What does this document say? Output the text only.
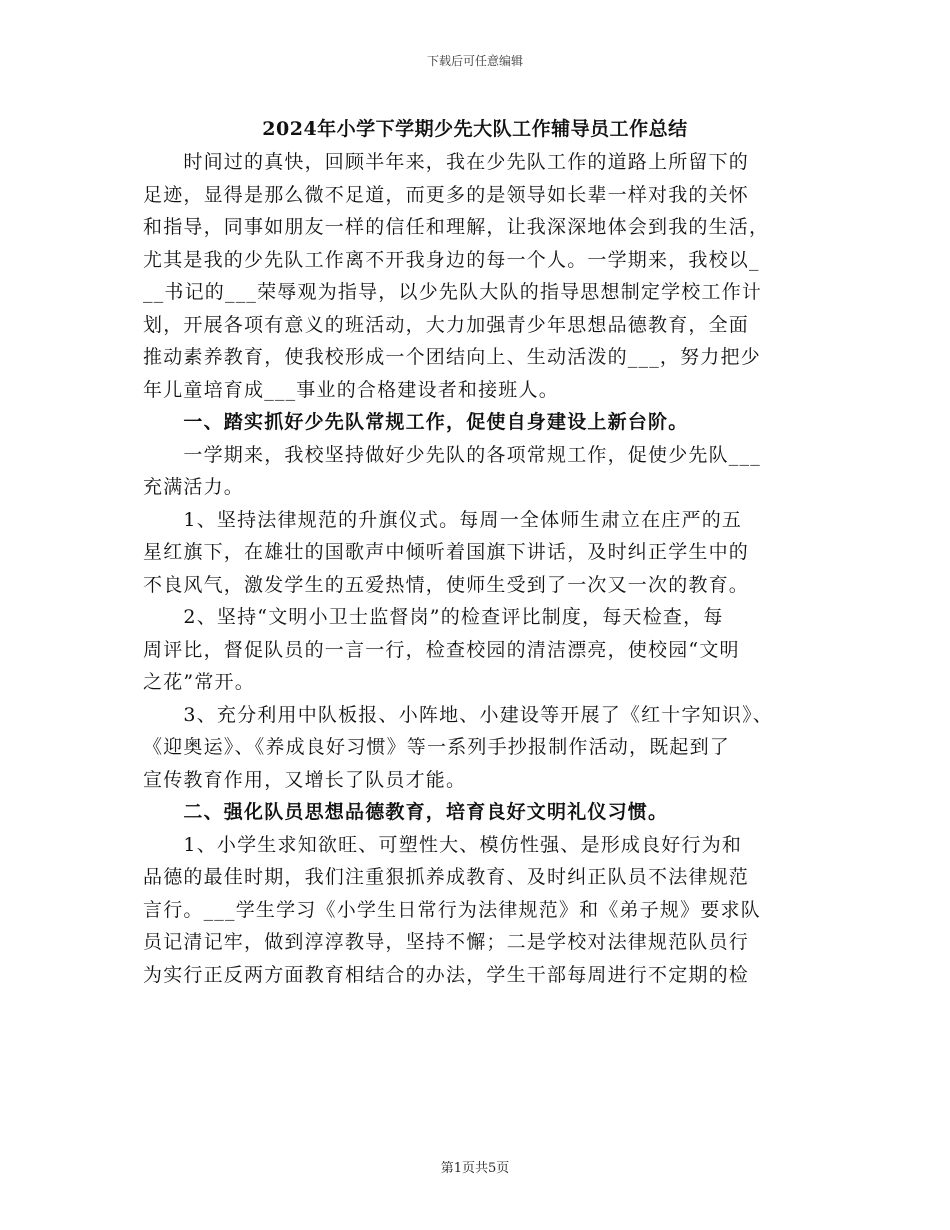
下载后可任意编辑
2024年小学下学期少先大队工作辅导员工作总结
　　时间过的真快，回顾半年来，我在少先队工作的道路上所留下的
足迹，显得是那么微不足道，而更多的是领导如长辈一样对我的关怀
和指导，同事如朋友一样的信任和理解，让我深深地体会到我的生活，
尤其是我的少先队工作离不开我身边的每一个人。一学期来，我校以_
__书记的___荣辱观为指导，以少先队大队的指导思想制定学校工作计
划，开展各项有意义的班活动，大力加强青少年思想品德教育，全面
推动素养教育，使我校形成一个团结向上、生动活泼的___，努力把少
年儿童培育成___事业的合格建设者和接班人。
　　一、踏实抓好少先队常规工作，促使自身建设上新台阶。
　　一学期来，我校坚持做好少先队的各项常规工作，促使少先队___
充满活力。
　　1、坚持法律规范的升旗仪式。每周一全体师生肃立在庄严的五
星红旗下，在雄壮的国歌声中倾听着国旗下讲话，及时纠正学生中的
不良风气，激发学生的五爱热情，使师生受到了一次又一次的教育。
　　2、坚持“文明小卫士监督岗”的检查评比制度，每天检查，每
周评比，督促队员的一言一行，检查校园的清洁漂亮，使校园“文明
之花”常开。
　　3、充分利用中队板报、小阵地、小建设等开展了《红十字知识》、
《迎奥运》、《养成良好习惯》等一系列手抄报制作活动，既起到了
宣传教育作用，又增长了队员才能。
　　二、强化队员思想品德教育，培育良好文明礼仪习惯。
　　1、小学生求知欲旺、可塑性大、模仿性强、是形成良好行为和
品德的最佳时期，我们注重狠抓养成教育、及时纠正队员不法律规范
言行。___学生学习《小学生日常行为法律规范》和《弟子规》要求队
员记清记牢，做到淳淳教导，坚持不懈；二是学校对法律规范队员行
为实行正反两方面教育相结合的办法，学生干部每周进行不定期的检
第1页共5页
